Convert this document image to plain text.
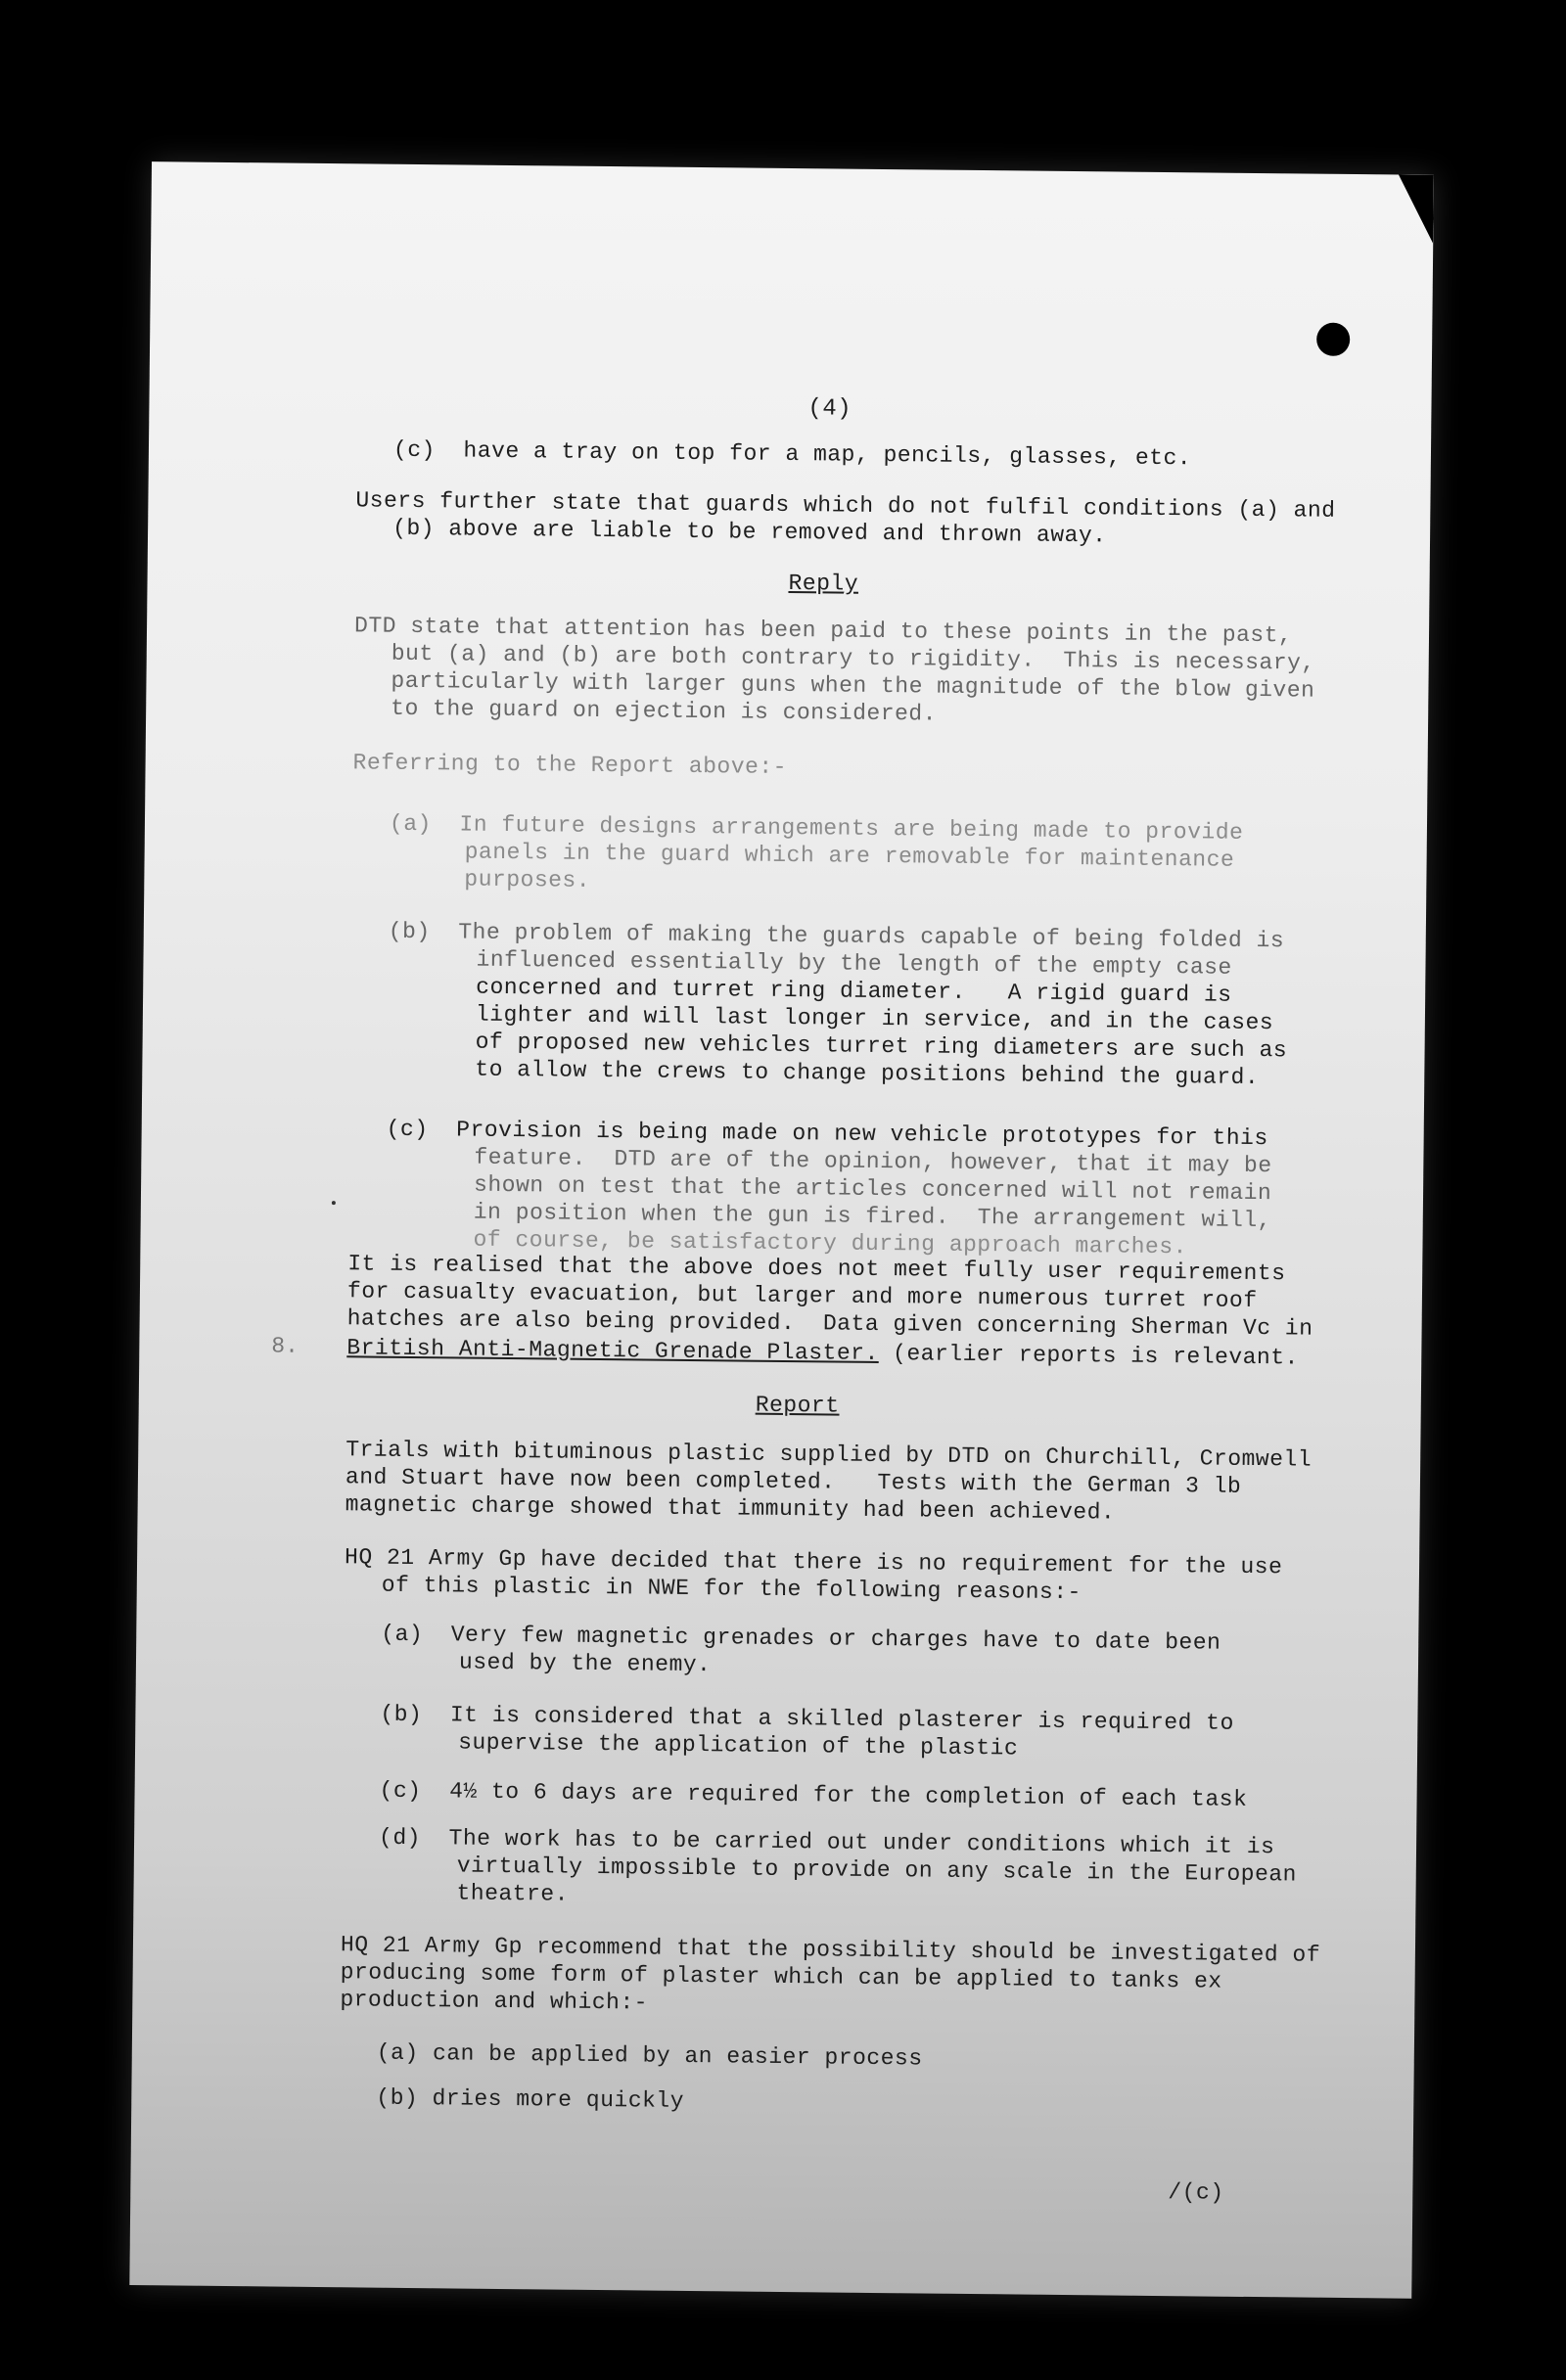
(4)
(c)  have a tray on top for a map, pencils, glasses, etc.
Users further state that guards which do not fulfil conditions (a) and
(b) above are liable to be removed and thrown away.
Reply
DTD state that attention has been paid to these points in the past,
but (a) and (b) are both contrary to rigidity.  This is necessary,
particularly with larger guns when the magnitude of the blow given
to the guard on ejection is considered.
Referring to the Report above:-
(a)  In future designs arrangements are being made to provide
panels in the guard which are removable for maintenance
purposes.
(b)  The problem of making the guards capable of being folded is
influenced essentially by the length of the empty case
concerned and turret ring diameter.   A rigid guard is
lighter and will last longer in service, and in the cases
of proposed new vehicles turret ring diameters are such as
to allow the crews to change positions behind the guard.
(c)  Provision is being made on new vehicle prototypes for this
feature.  DTD are of the opinion, however, that it may be
shown on test that the articles concerned will not remain
in position when the gun is fired.  The arrangement will,
of course, be satisfactory during approach marches.
It is realised that the above does not meet fully user requirements
for casualty evacuation, but larger and more numerous turret roof
hatches are also being provided.  Data given concerning Sherman Vc in
8. British Anti-Magnetic Grenade Plaster. (earlier reports is relevant.
Report
Trials with bituminous plastic supplied by DTD on Churchill, Cromwell
and Stuart have now been completed.   Tests with the German 3 lb
magnetic charge showed that immunity had been achieved.
HQ 21 Army Gp have decided that there is no requirement for the use
of this plastic in NWE for the following reasons:-
(a)  Very few magnetic grenades or charges have to date been
used by the enemy.
(b)  It is considered that a skilled plasterer is required to
supervise the application of the plastic
(c)  4½ to 6 days are required for the completion of each task
(d)  The work has to be carried out under conditions which it is
virtually impossible to provide on any scale in the European
theatre.
HQ 21 Army Gp recommend that the possibility should be investigated of
producing some form of plaster which can be applied to tanks ex
production and which:-
(a) can be applied by an easier process
(b) dries more quickly
/(c)
